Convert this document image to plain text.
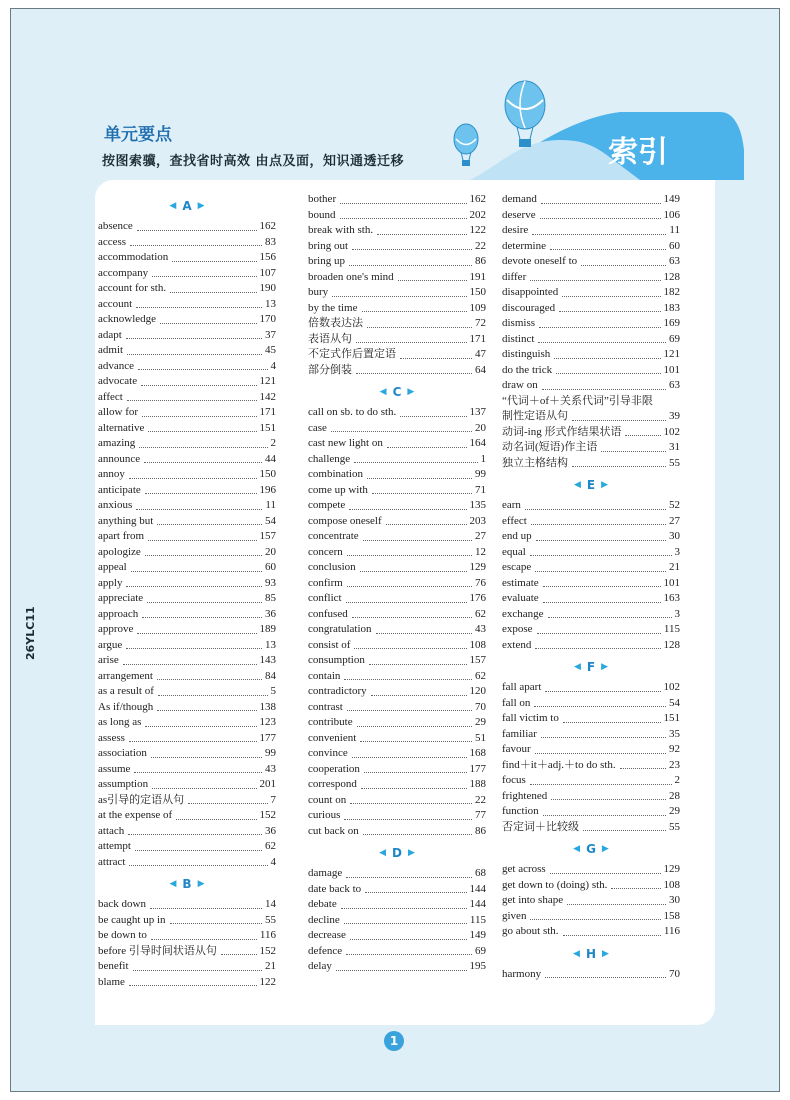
索引
单元要点
按图索骥，查找省时高效 由点及面，知识通透迁移
26YLC11
◀ A ▶
absence	162
access	83
accommodation	156
accompany	107
account for sth.	190
account	13
acknowledge	170
adapt	37
admit	45
advance	4
advocate	121
affect	142
allow for	171
alternative	151
amazing	2
announce	44
annoy	150
anticipate	196
anxious	11
anything but	54
apart from	157
apologize	20
appeal	60
apply	93
appreciate	85
approach	36
approve	189
argue	13
arise	143
arrangement	84
as a result of	5
As if/though	138
as long as	123
assess	177
association	99
assume	43
assumption	201
as引导的定语从句	7
at the expense of	152
attach	36
attempt	62
attract	4
◀ B ▶
back down	14
be caught up in	55
be down to	116
before 引导时间状语从句	152
benefit	21
blame	122
bother	162
bound	202
break with sth.	122
bring out	22
bring up	86
broaden one's mind	191
bury	150
by the time	109
倍数表达法	72
表语从句	171
不定式作后置定语	47
部分倒装	64
◀ C ▶
call on sb. to do sth.	137
case	20
cast new light on	164
challenge	1
combination	99
come up with	71
compete	135
compose oneself	203
concentrate	27
concern	12
conclusion	129
confirm	76
conflict	176
confused	62
congratulation	43
consist of	108
consumption	157
contain	62
contradictory	120
contrast	70
contribute	29
convenient	51
convince	168
cooperation	177
correspond	188
count on	22
curious	77
cut back on	86
◀ D ▶
damage	68
date back to	144
debate	144
decline	115
decrease	149
defence	69
delay	195
demand	149
deserve	106
desire	11
determine	60
devote oneself to	63
differ	128
disappointed	182
discouraged	183
dismiss	169
distinct	69
distinguish	121
do the trick	101
draw on	63
“代词＋of＋关系代词”引导非限
制性定语从句	39
动词-ing 形式作结果状语	102
动名词(短语)作主语	31
独立主格结构	55
◀ E ▶
earn	52
effect	27
end up	30
equal	3
escape	21
estimate	101
evaluate	163
exchange	3
expose	115
extend	128
◀ F ▶
fall apart	102
fall on	54
fall victim to	151
familiar	35
favour	92
find＋it＋adj.＋to do sth.	23
focus	2
frightened	28
function	29
否定词＋比较级	55
◀ G ▶
get across	129
get down to (doing) sth.	108
get into shape	30
given	158
go about sth.	116
◀ H ▶
harmony	70
1
